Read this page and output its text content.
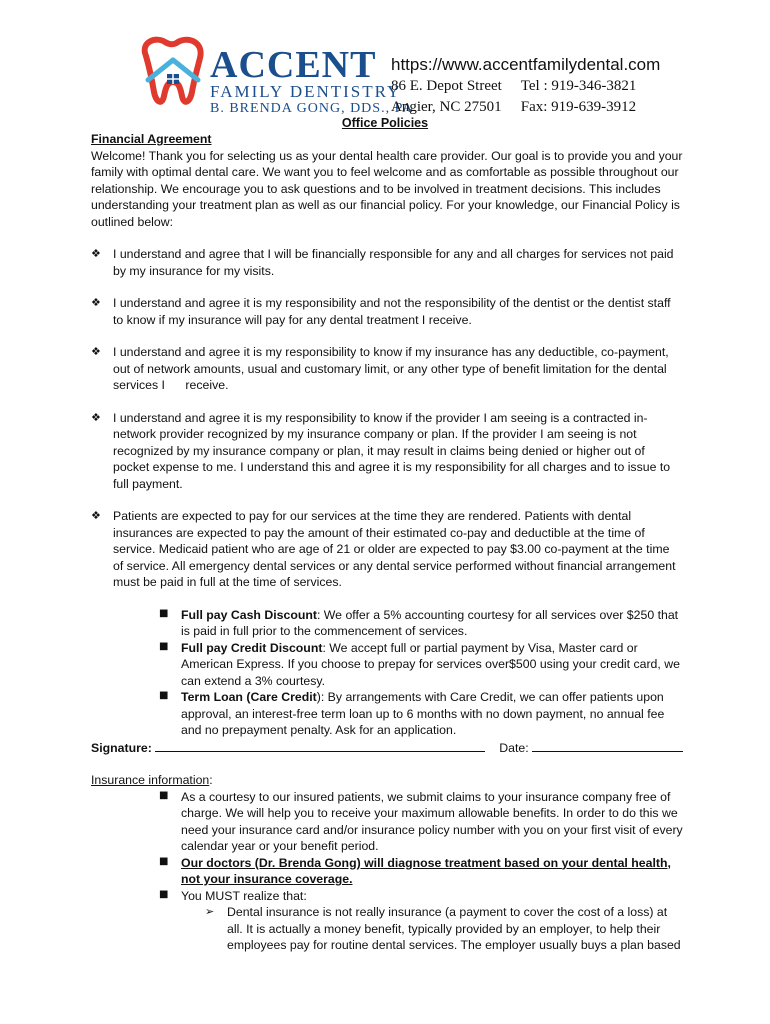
ACCENT
FAMILY DENTISTRY
B. BRENDA GONG, DDS., PA
https://www.accentfamilydental.com
86 E. Depot Street Tel : 919-346-3821
Angier, NC 27501 Fax: 919-639-3912
Office Policies
Financial Agreement

Welcome! Thank you for selecting us as your dental health care provider. Our goal is to provide you and your family with optimal dental care. We want you to feel welcome and as comfortable as possible throughout our relationship. We encourage you to ask questions and to be involved in treatment decisions. This includes understanding your treatment plan as well as our financial policy. For your knowledge, our Financial Policy is outlined below:

❖ I understand and agree that I will be financially responsible for any and all charges for services not paid by my insurance for my visits.
❖ I understand and agree it is my responsibility and not the responsibility of the dentist or the dentist staff to know if my insurance will pay for any dental treatment I receive.
❖ I understand and agree it is my responsibility to know if my insurance has any deductible, co-payment, out of network amounts, usual and customary limit, or any other type of benefit limitation for the dental services I      receive.
❖ I understand and agree it is my responsibility to know if the provider I am seeing is a contracted in-network provider recognized by my insurance company or plan. If the provider I am seeing is not recognized by my insurance company or plan, it may result in claims being denied or higher out of pocket expense to me. I understand this and agree it is my responsibility for all charges and to issue to full payment.
❖ Patients are expected to pay for our services at the time they are rendered. Patients with dental insurances are expected to pay the amount of their estimated co-pay and deductible at the time of service. Medicaid patient who are age of 21 or older are expected to pay $3.00 co-payment at the time of service. All emergency dental services or any dental service performed without financial arrangement must be paid in full at the time of services.
■ Full pay Cash Discount: We offer a 5% accounting courtesy for all services over $250 that is paid in full prior to the commencement of services.
■ Full pay Credit Discount: We accept full or partial payment by Visa, Master card or American Express. If you choose to prepay for services over$500 using your credit card, we can extend a 3% courtesy.
■ Term Loan (Care Credit): By arrangements with Care Credit, we can offer patients upon approval, an interest-free term loan up to 6 months with no down payment, no annual fee and no prepayment penalty. Ask for an application.
Signature:	Date:
Insurance information:
■ As a courtesy to our insured patients, we submit claims to your insurance company free of charge. We will help you to receive your maximum allowable benefits. In order to do this we need your insurance card and/or insurance policy number with you on your first visit of every calendar year or your benefit period.
■ Our doctors (Dr. Brenda Gong) will diagnose treatment based on your dental health, not your insurance coverage.
■ You MUST realize that:
➢ Dental insurance is not really insurance (a payment to cover the cost of a loss) at all. It is actually a money benefit, typically provided by an employer, to help their employees pay for routine dental services. The employer usually buys a plan based
